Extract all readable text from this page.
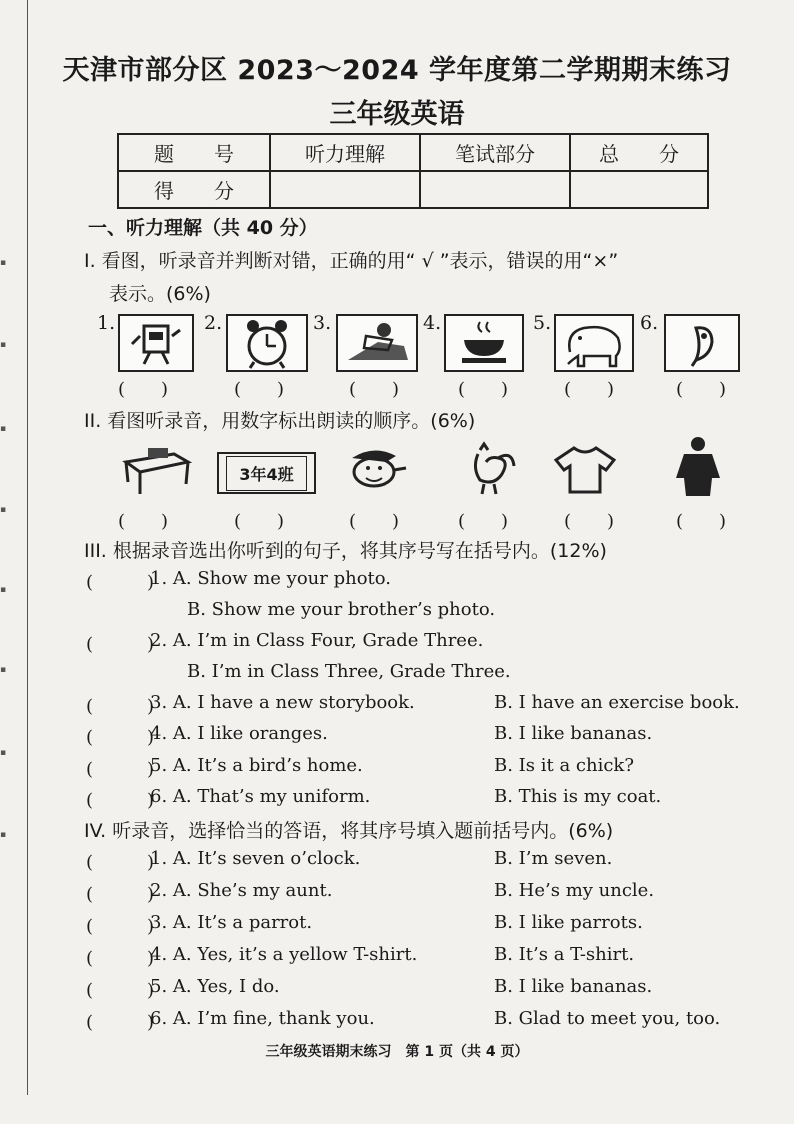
▪
▪
▪
▪
▪
▪
▪
▪
天津市部分区 2023～2024 学年度第二学期期末练习
三年级英语
题　　号	听力理解	笔试部分	总　　分
得　　分			
一、听力理解（共 40 分）
I. 看图，听录音并判断对错，正确的用“ √ ”表示，错误的用“×”
表示。(6%)
1.	2.	3.	4.	5.	6.
(　　)	(　　)	(　　)	(　　)	(　　)	(　　)
II. 看图听录音，用数字标出朗读的顺序。(6%)
3年4班
(　　)	(　　)	(　　)	(　　)	(　　)	(　　)
III. 根据录音选出你听到的句子，将其序号写在括号内。(12%)
(　　　)
1. A. Show me your photo.
B. Show me your brother’s photo.
(　　　)
2. A. I’m in Class Four, Grade Three.
B. I’m in Class Three, Grade Three.
(　　　)
3. A. I have a new storybook.	B. I have an exercise book.
(　　　)
4. A. I like oranges.	B. I like bananas.
(　　　)
5. A. It’s a bird’s home.	B. Is it a chick?
(　　　)
6. A. That’s my uniform.	B. This is my coat.
IV. 听录音，选择恰当的答语，将其序号填入题前括号内。(6%)
(　　　)
1. A. It’s seven o’clock.	B. I’m seven.
(　　　)
2. A. She’s my aunt.	B. He’s my uncle.
(　　　)
3. A. It’s a parrot.	B. I like parrots.
(　　　)
4. A. Yes, it’s a yellow T-shirt.	B. It’s a T-shirt.
(　　　)
5. A. Yes, I do.	B. I like bananas.
(　　　)
6. A. I’m fine, thank you.	B. Glad to meet you, too.
三年级英语期末练习　第 1 页（共 4 页）
